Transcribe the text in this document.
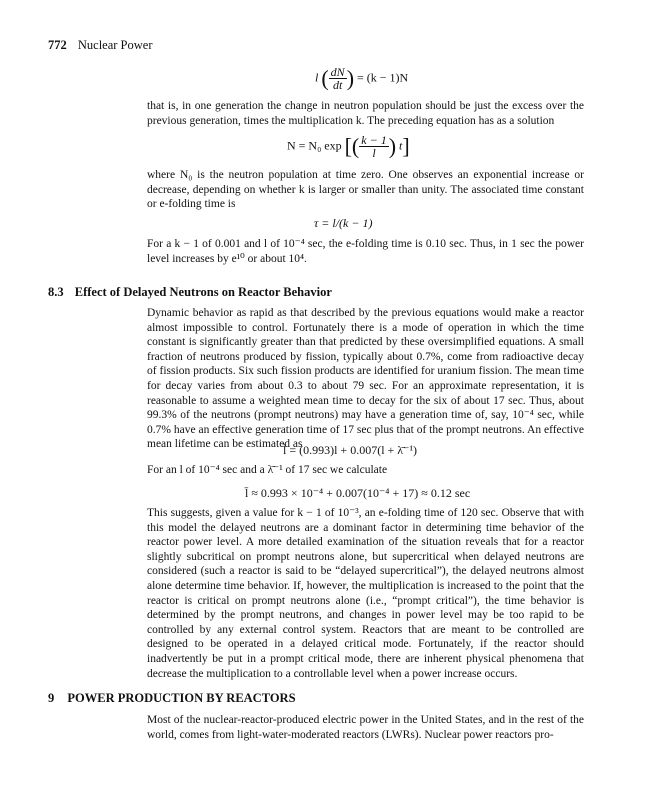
772 Nuclear Power
l ( $\frac{dN}{dt}$ ) = (k − 1)N

that is, in one generation the change in neutron population should be just the excess over the previous generation, times the multiplication k. The preceding equation has as a solution

N = N₀ exp [( $\frac{k - 1}{l}$ ) t]

where N₀ is the neutron population at time zero. One observes an exponential increase or decrease, depending on whether k is larger or smaller than unity. The associated time constant or e-folding time is

τ = l/(k − 1)

For a k − 1 of 0.001 and l of 10⁻⁴ sec, the e-folding time is 0.10 sec. Thus, in 1 sec the power level increases by e¹⁰ or about 10⁴.

8.3 Effect of Delayed Neutrons on Reactor Behavior

Dynamic behavior as rapid as that described by the previous equations would make a reactor almost impossible to control. Fortunately there is a mode of operation in which the time constant is significantly greater than that predicted by these oversimplified equations. A small fraction of neutrons produced by fission, typically about 0.7%, come from radioactive decay of fission products. Six such fission products are identified for uranium fission. The mean time for decay varies from about 0.3 to about 79 sec. For an approximate representation, it is reasonable to assume a weighted mean time to decay for the six of about 17 sec. Thus, about 99.3% of the neutrons (prompt neutrons) may have a generation time of, say, 10⁻⁴ sec, while 0.7% have an effective generation time of 17 sec plus that of the prompt neutrons. An effective mean lifetime can be estimated as

l̄ = (0.993)l + 0.007(l + λ̄⁻¹)

For an l of 10⁻⁴ sec and a λ̄⁻¹ of 17 sec we calculate

l̄ ≈ 0.993 × 10⁻⁴ + 0.007(10⁻⁴ + 17) ≈ 0.12 sec

This suggests, given a value for k − 1 of 10⁻³, an e-folding time of 120 sec. Observe that with this model the delayed neutrons are a dominant factor in determining time behavior of the reactor power level. A more detailed examination of the situation reveals that for a reactor slightly subcritical on prompt neutrons alone, but supercritical when delayed neutrons are considered (such a reactor is said to be “delayed supercritical”), the delayed neutrons almost alone determine time behavior. If, however, the multiplication is increased to the point that the reactor is critical on prompt neutrons alone (i.e., “prompt critical”), the time behavior is determined by the prompt neutrons, and changes in power level may be too rapid to be controlled by any external control system. Reactors that are meant to be controlled are designed to be operated in a delayed critical mode. Fortunately, if the reactor should inadvertently be put in a prompt critical mode, there are inherent physical phenomena that decrease the multiplication to a controllable level when a power increase occurs.

9 POWER PRODUCTION BY REACTORS

Most of the nuclear-reactor-produced electric power in the United States, and in the rest of the world, comes from light-water-moderated reactors (LWRs). Nuclear power reactors pro-
